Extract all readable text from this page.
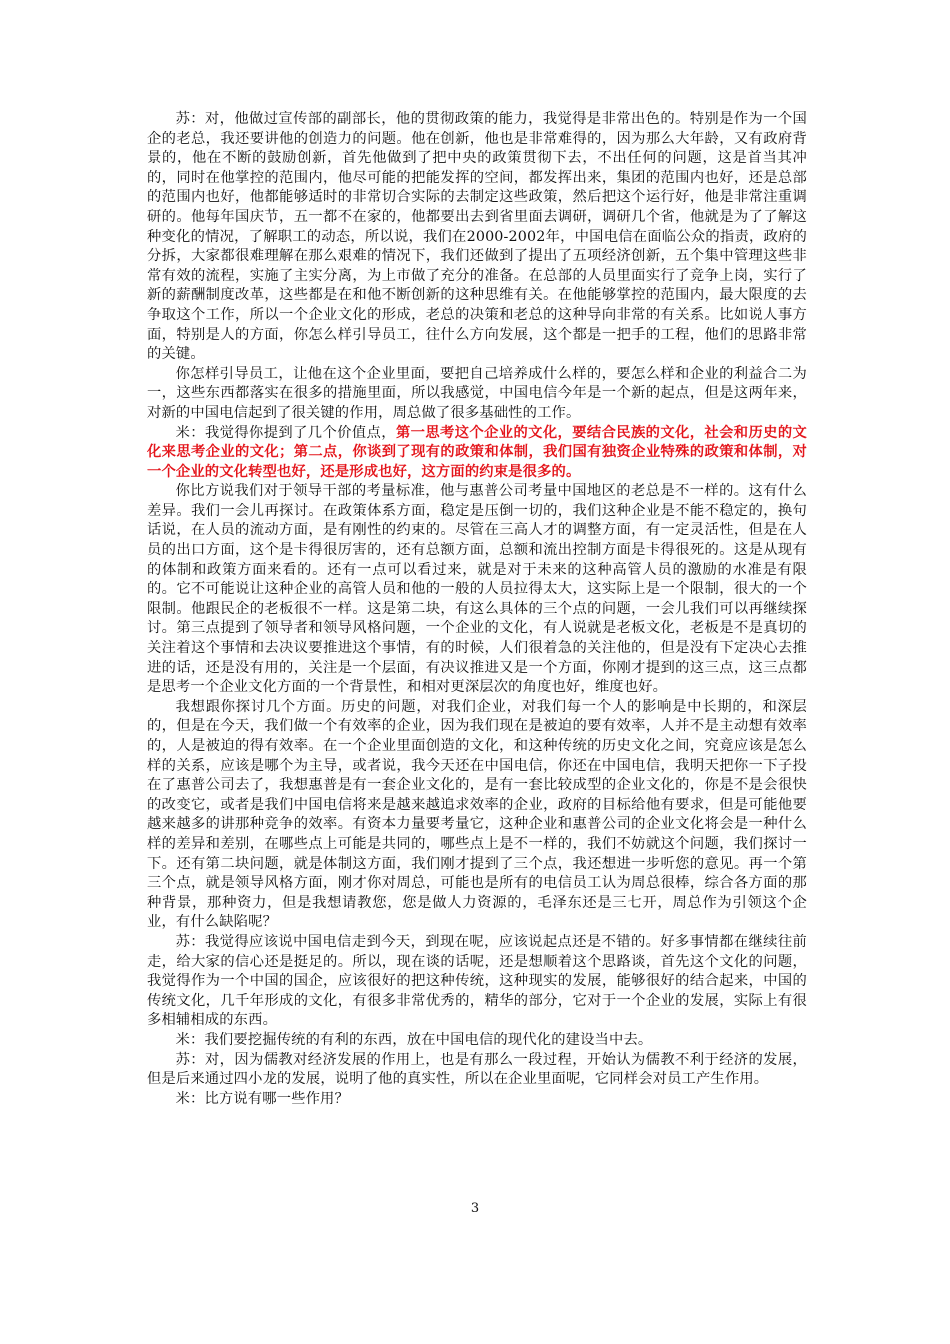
苏：对，他做过宣传部的副部长，他的贯彻政策的能力，我觉得是非常出色的。特别是作为一个国企的老总，我还要讲他的创造力的问题。他在创新，他也是非常难得的，因为那么大年龄，又有政府背景的，他在不断的鼓励创新，首先他做到了把中央的政策贯彻下去，不出任何的问题，这是首当其冲的，同时在他掌控的范围内，他尽可能的把能发挥的空间，都发挥出来，集团的范围内也好，还是总部的范围内也好，他都能够适时的非常切合实际的去制定这些政策，然后把这个运行好，他是非常注重调研的。他每年国庆节，五一都不在家的，他都要出去到省里面去调研，调研几个省，他就是为了了解这种变化的情况，了解职工的动态，所以说，我们在2000-2002年，中国电信在面临公众的指责，政府的分拆，大家都很难理解在那么艰难的情况下，我们还做到了提出了五项经济创新，五个集中管理这些非常有效的流程，实施了主实分离，为上市做了充分的准备。在总部的人员里面实行了竞争上岗，实行了新的薪酬制度改革，这些都是在和他不断创新的这种思维有关。在他能够掌控的范围内，最大限度的去争取这个工作，所以一个企业文化的形成，老总的决策和老总的这种导向非常的有关系。比如说人事方面，特别是人的方面，你怎么样引导员工，往什么方向发展，这个都是一把手的工程，他们的思路非常的关键。

你怎样引导员工，让他在这个企业里面，要把自己培养成什么样的，要怎么样和企业的利益合二为一，这些东西都落实在很多的措施里面，所以我感觉，中国电信今年是一个新的起点，但是这两年来，对新的中国电信起到了很关键的作用，周总做了很多基础性的工作。

米：我觉得你提到了几个价值点，第一思考这个企业的文化，要结合民族的文化，社会和历史的文化来思考企业的文化；第二点，你谈到了现有的政策和体制，我们国有独资企业特殊的政策和体制，对一个企业的文化转型也好，还是形成也好，这方面的约束是很多的。

你比方说我们对于领导干部的考量标准，他与惠普公司考量中国地区的老总是不一样的。这有什么差异。我们一会儿再探讨。在政策体系方面，稳定是压倒一切的，我们这种企业是不能不稳定的，换句话说，在人员的流动方面，是有刚性的约束的。尽管在三高人才的调整方面，有一定灵活性，但是在人员的出口方面，这个是卡得很厉害的，还有总额方面，总额和流出控制方面是卡得很死的。这是从现有的体制和政策方面来看的。还有一点可以看过来，就是对于未来的这种高管人员的激励的水准是有限的。它不可能说让这种企业的高管人员和他的一般的人员拉得太大，这实际上是一个限制，很大的一个限制。他跟民企的老板很不一样。这是第二块，有这么具体的三个点的问题，一会儿我们可以再继续探讨。第三点提到了领导者和领导风格问题，一个企业的文化，有人说就是老板文化，老板是不是真切的关注着这个事情和去决议要推进这个事情，有的时候，人们很着急的关注他的，但是没有下定决心去推进的话，还是没有用的，关注是一个层面，有决议推进又是一个方面，你刚才提到的这三点，这三点都是思考一个企业文化方面的一个背景性，和相对更深层次的角度也好，维度也好。

我想跟你探讨几个方面。历史的问题，对我们企业，对我们每一个人的影响是中长期的，和深层的，但是在今天，我们做一个有效率的企业，因为我们现在是被迫的要有效率，人并不是主动想有效率的，人是被迫的得有效率。在一个企业里面创造的文化，和这种传统的历史文化之间，究竟应该是怎么样的关系，应该是哪个为主导，或者说，我今天还在中国电信，你还在中国电信，我明天把你一下子投在了惠普公司去了，我想惠普是有一套企业文化的，是有一套比较成型的企业文化的，你是不是会很快的改变它，或者是我们中国电信将来是越来越追求效率的企业，政府的目标给他有要求，但是可能他要越来越多的讲那种竞争的效率。有资本力量要考量它，这种企业和惠普公司的企业文化将会是一种什么样的差异和差别，在哪些点上可能是共同的，哪些点上是不一样的，我们不妨就这个问题，我们探讨一下。还有第二块问题，就是体制这方面，我们刚才提到了三个点，我还想进一步听您的意见。再一个第三个点，就是领导风格方面，刚才你对周总，可能也是所有的电信员工认为周总很棒，综合各方面的那种背景，那种资力，但是我想请教您，您是做人力资源的，毛泽东还是三七开，周总作为引领这个企业，有什么缺陷呢？

苏：我觉得应该说中国电信走到今天，到现在呢，应该说起点还是不错的。好多事情都在继续往前走，给大家的信心还是挺足的。所以，现在谈的话呢，还是想顺着这个思路谈，首先这个文化的问题，我觉得作为一个中国的国企，应该很好的把这种传统，这种现实的发展，能够很好的结合起来，中国的传统文化，几千年形成的文化，有很多非常优秀的，精华的部分，它对于一个企业的发展，实际上有很多相辅相成的东西。

米：我们要挖掘传统的有利的东西，放在中国电信的现代化的建设当中去。

苏：对，因为儒教对经济发展的作用上，也是有那么一段过程，开始认为儒教不利于经济的发展，但是后来通过四小龙的发展，说明了他的真实性，所以在企业里面呢，它同样会对员工产生作用。

米：比方说有哪一些作用？

3
